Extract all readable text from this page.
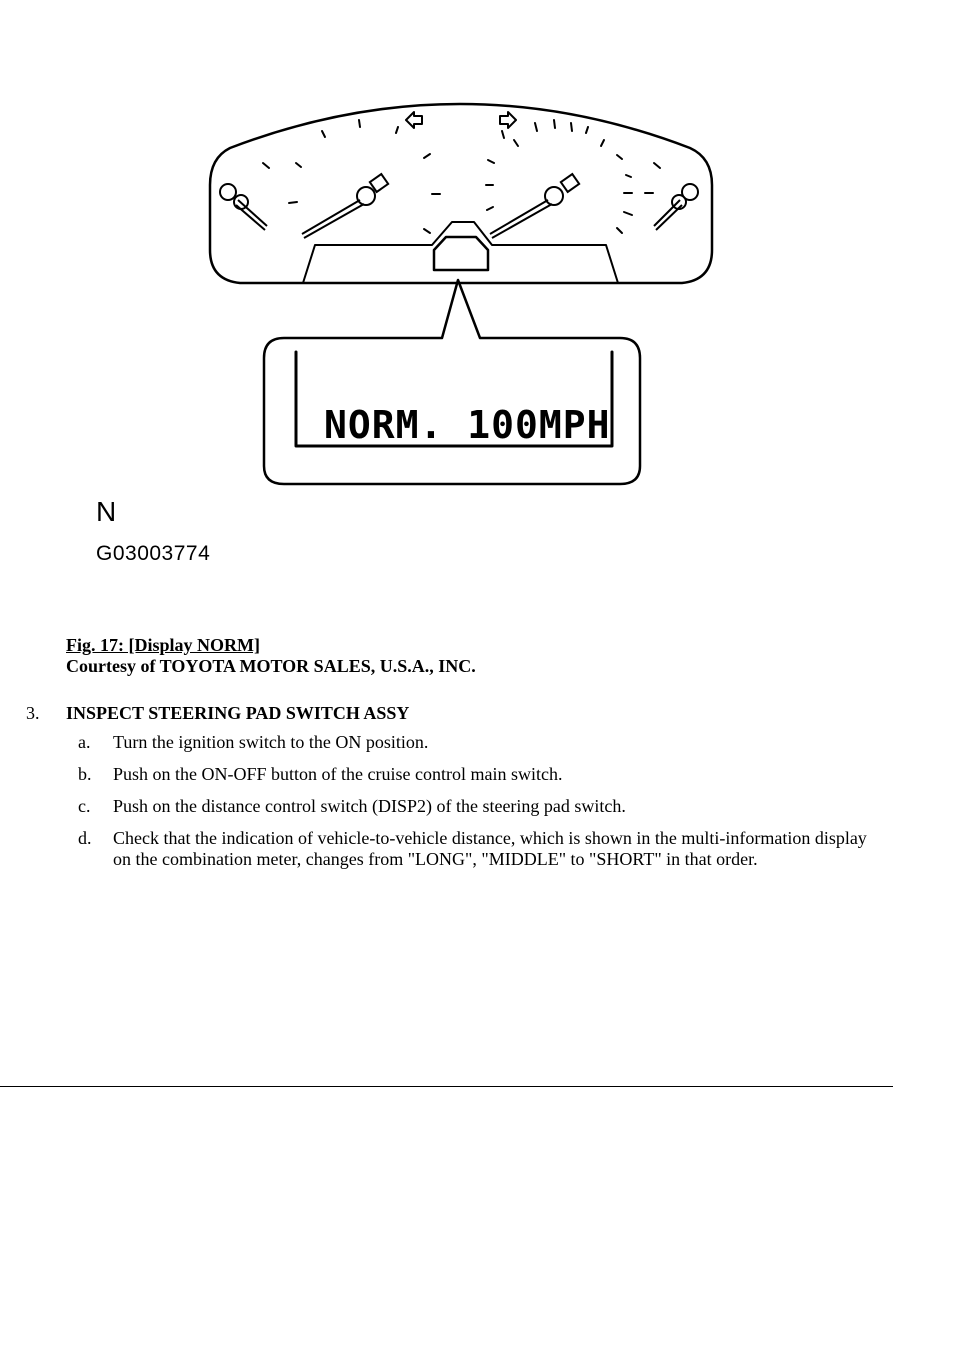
NORM. 100MPH
N
G03003774
Fig. 17: [Display NORM]
Courtesy of TOYOTA MOTOR SALES, U.S.A., INC.
3. INSPECT STEERING PAD SWITCH ASSY
a.	Turn the ignition switch to the ON position.
b.	Push on the ON-OFF button of the cruise control main switch.
c.	Push on the distance control switch (DISP2) of the steering pad switch.
d.	Check that the indication of vehicle-to-vehicle distance, which is shown in the multi-information display on the combination meter, changes from "LONG", "MIDDLE" to "SHORT" in that order.
